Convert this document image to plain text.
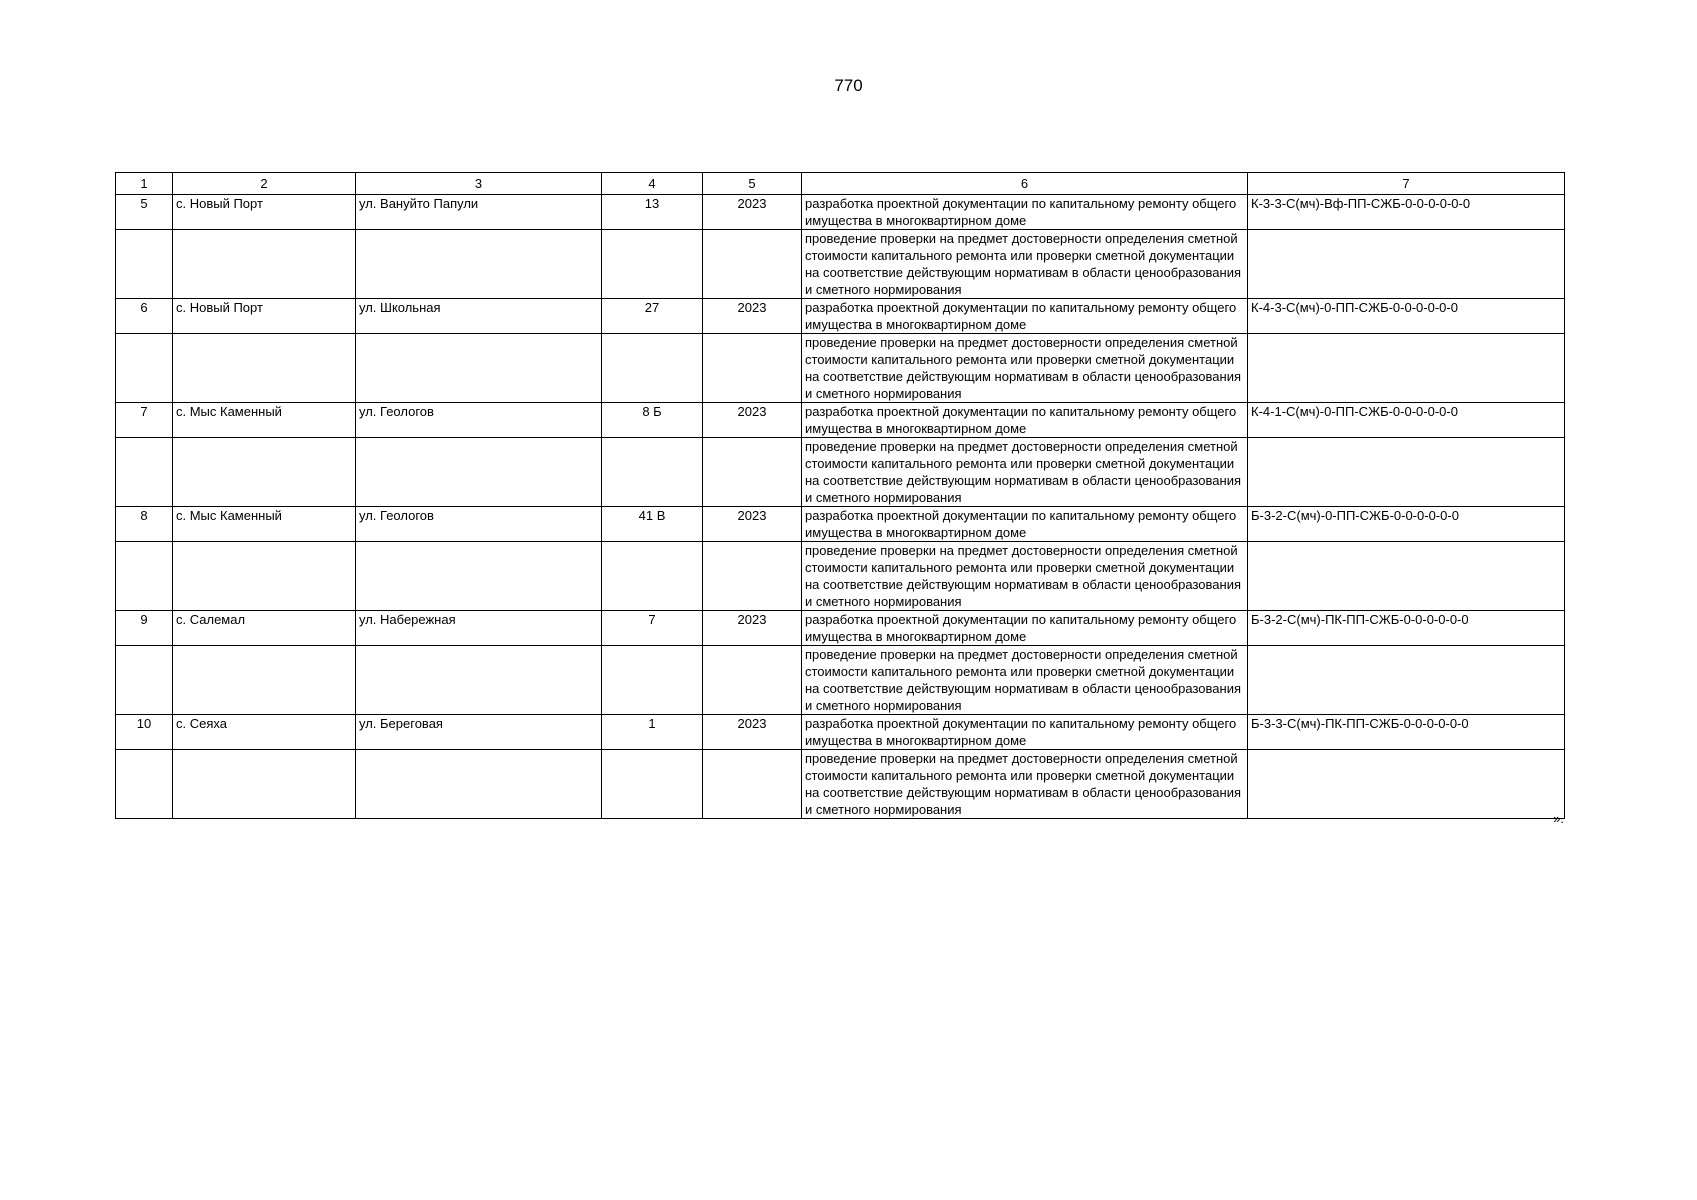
770
1	2	3	4	5	6	7
5	с. Новый Порт	ул. Вануйто Папули	13	2023	разработка проектной документации по капитальному ремонту общего имущества в многоквартирном доме	К-3-3-С(мч)-Вф-ПП-СЖБ-0-0-0-0-0-0
					проведение проверки на предмет достоверности определения сметной стоимости капитального ремонта или проверки сметной документации на соответствие действующим нормативам в области ценообразования и сметного нормирования	
6	с. Новый Порт	ул. Школьная	27	2023	разработка проектной документации по капитальному ремонту общего имущества в многоквартирном доме	К-4-3-С(мч)-0-ПП-СЖБ-0-0-0-0-0-0
					проведение проверки на предмет достоверности определения сметной стоимости капитального ремонта или проверки сметной документации на соответствие действующим нормативам в области ценообразования и сметного нормирования	
7	с. Мыс Каменный	ул. Геологов	8 Б	2023	разработка проектной документации по капитальному ремонту общего имущества в многоквартирном доме	К-4-1-С(мч)-0-ПП-СЖБ-0-0-0-0-0-0
					проведение проверки на предмет достоверности определения сметной стоимости капитального ремонта или проверки сметной документации на соответствие действующим нормативам в области ценообразования и сметного нормирования	
8	с. Мыс Каменный	ул. Геологов	41 В	2023	разработка проектной документации по капитальному ремонту общего имущества в многоквартирном доме	Б-3-2-С(мч)-0-ПП-СЖБ-0-0-0-0-0-0
					проведение проверки на предмет достоверности определения сметной стоимости капитального ремонта или проверки сметной документации на соответствие действующим нормативам в области ценообразования и сметного нормирования	
9	с. Салемал	ул. Набережная	7	2023	разработка проектной документации по капитальному ремонту общего имущества в многоквартирном доме	Б-3-2-С(мч)-ПК-ПП-СЖБ-0-0-0-0-0-0
					проведение проверки на предмет достоверности определения сметной стоимости капитального ремонта или проверки сметной документации на соответствие действующим нормативам в области ценообразования и сметного нормирования	
10	с. Сеяха	ул. Береговая	1	2023	разработка проектной документации по капитальному ремонту общего имущества в многоквартирном доме	Б-3-3-С(мч)-ПК-ПП-СЖБ-0-0-0-0-0-0
					проведение проверки на предмет достоверности определения сметной стоимости капитального ремонта или проверки сметной документации на соответствие действующим нормативам в области ценообразования и сметного нормирования	
».
